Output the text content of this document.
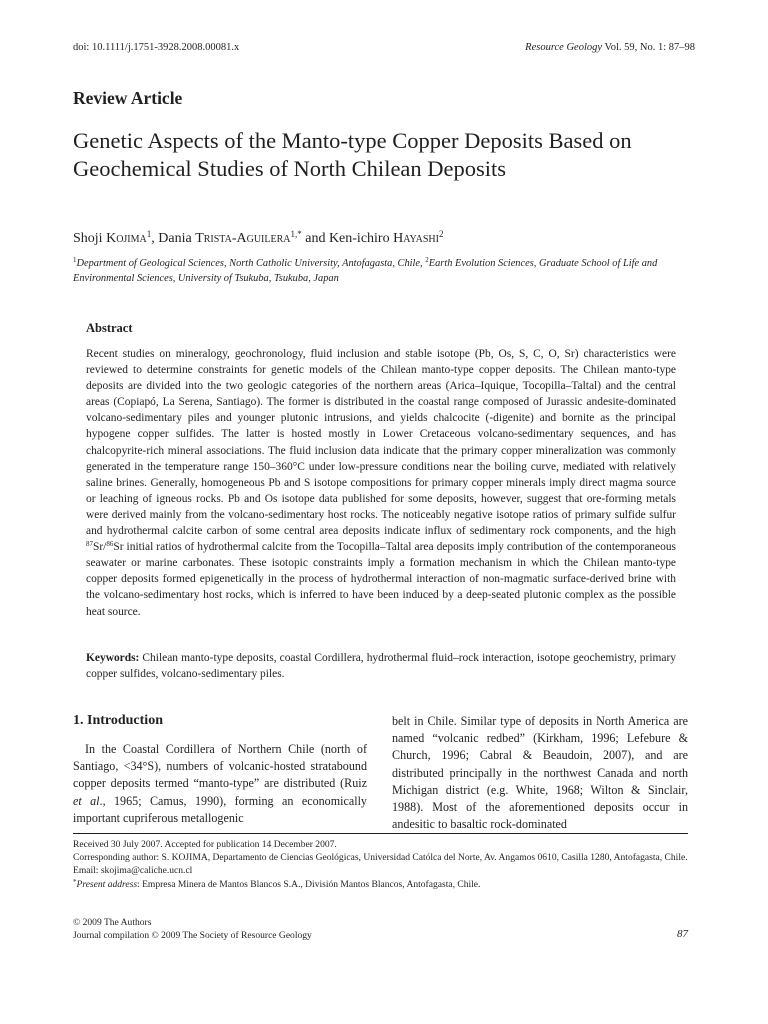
doi: 10.1111/j.1751-3928.2008.00081.x	Resource Geology Vol. 59, No. 1: 87–98
Review Article
Genetic Aspects of the Manto-type Copper Deposits Based on Geochemical Studies of North Chilean Deposits
Shoji Kojima$^1$, Dania Trista-Aguilera$^{1,*}$ and Ken-ichiro Hayashi$^2$
$^1$Department of Geological Sciences, North Catholic University, Antofagasta, Chile, $^2$Earth Evolution Sciences, Graduate School of Life and Environmental Sciences, University of Tsukuba, Tsukuba, Japan
Abstract

Recent studies on mineralogy, geochronology, fluid inclusion and stable isotope (Pb, Os, S, C, O, Sr) characteristics were reviewed to determine constraints for genetic models of the Chilean manto-type copper deposits. The Chilean manto-type deposits are divided into the two geologic categories of the northern areas (Arica–Iquique, Tocopilla–Taltal) and the central areas (Copiapó, La Serena, Santiago). The former is distributed in the coastal range composed of Jurassic andesite-dominated volcano-sedimentary piles and younger plutonic intrusions, and yields chalcocite (-digenite) and bornite as the principal hypogene copper sulfides. The latter is hosted mostly in Lower Cretaceous volcano-sedimentary sequences, and has chalcopyrite-rich mineral associations. The fluid inclusion data indicate that the primary copper mineralization was commonly generated in the temperature range 150–360°C under low-pressure conditions near the boiling curve, mediated with relatively saline brines. Generally, homogeneous Pb and S isotope compositions for primary copper minerals imply direct magma source or leaching of igneous rocks. Pb and Os isotope data published for some deposits, however, suggest that ore-forming metals were derived mainly from the volcano-sedimentary host rocks. The noticeably negative isotope ratios of primary sulfide sulfur and hydrothermal calcite carbon of some central area deposits indicate influx of sedimentary rock components, and the high $^{87}$Sr/$^{86}$Sr initial ratios of hydrothermal calcite from the Tocopilla–Taltal area deposits imply contribution of the contemporaneous seawater or marine carbonates. These isotopic constraints imply a formation mechanism in which the Chilean manto-type copper deposits formed epigenetically in the process of hydrothermal interaction of non-magmatic surface-derived brine with the volcano-sedimentary host rocks, which is inferred to have been induced by a deep-seated plutonic complex as the possible heat source.

Keywords: Chilean manto-type deposits, coastal Cordillera, hydrothermal fluid–rock interaction, isotope geochemistry, primary copper sulfides, volcano-sedimentary piles.

1. Introduction

In the Coastal Cordillera of Northern Chile (north of Santiago, <34°S), numbers of volcanic-hosted stratabound copper deposits termed “manto-type” are distributed (Ruiz et al., 1965; Camus, 1990), forming an economically important cupriferous metallogenic

belt in Chile. Similar type of deposits in North America are named “volcanic redbed” (Kirkham, 1996; Lefebure & Church, 1996; Cabral & Beaudoin, 2007), and are distributed principally in the northwest Canada and north Michigan district (e.g. White, 1968; Wilton & Sinclair, 1988). Most of the aforementioned deposits occur in andesitic to basaltic rock-dominated

Received 30 July 2007. Accepted for publication 14 December 2007.
Corresponding author: S. KOJIMA, Departamento de Ciencias Geológicas, Universidad Católca del Norte, Av. Angamos 0610, Casilla 1280, Antofagasta, Chile. Email: skojima@caliche.ucn.cl
*Present address: Empresa Minera de Mantos Blancos S.A., División Mantos Blancos, Antofagasta, Chile.
© 2009 The Authors
Journal compilation © 2009 The Society of Resource Geology	87
